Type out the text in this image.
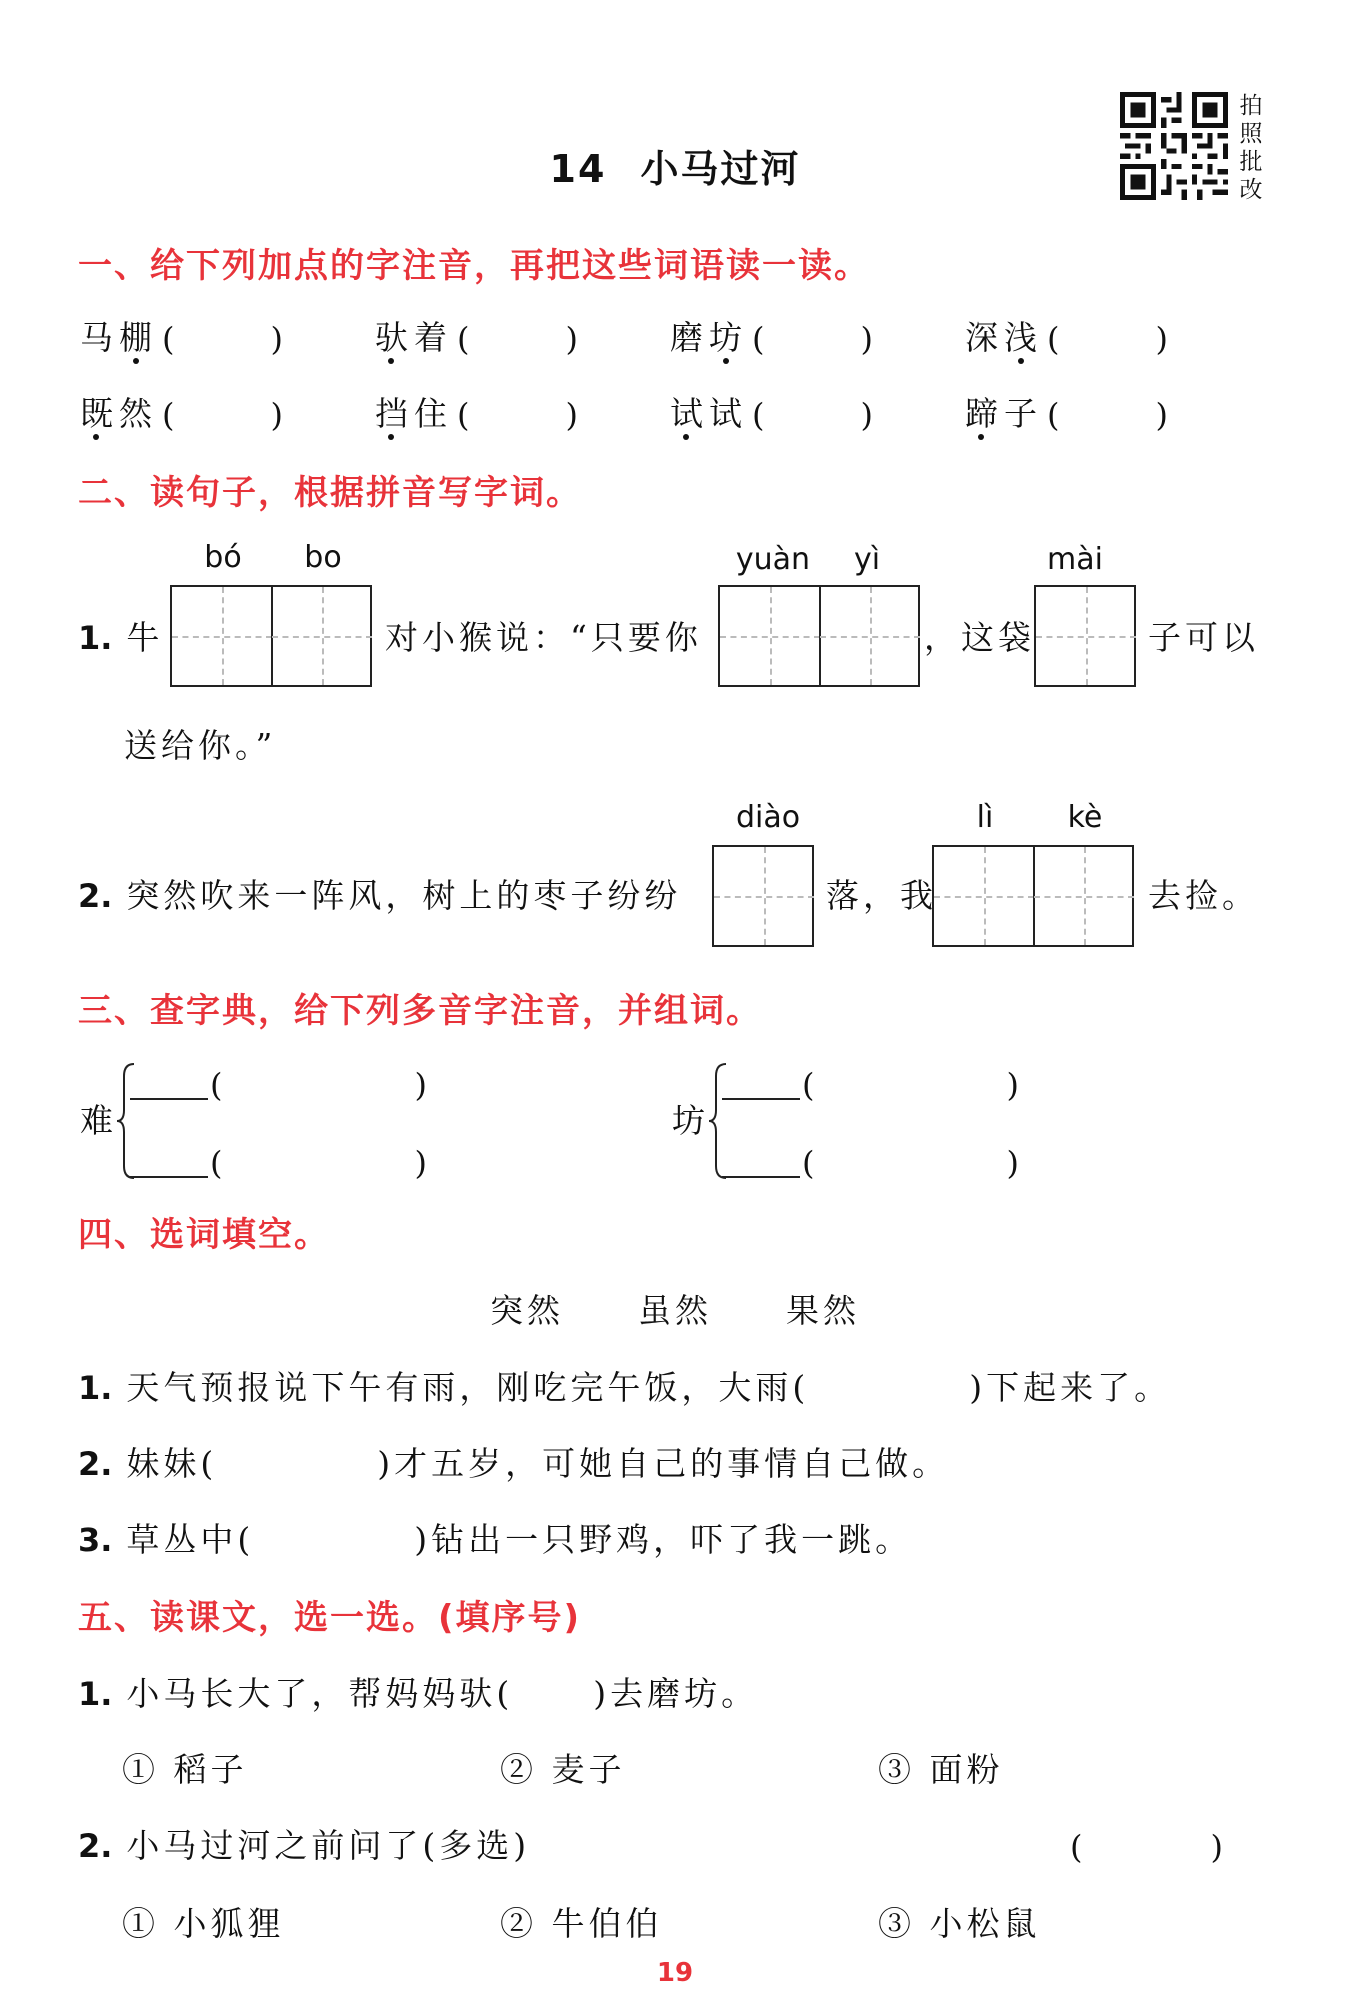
14 小马过河
拍
照
批
改
一、给下列加点的字注音，再把这些词语读一读。
马棚 (　　　)	驮着 (　　　)	磨坊 (　　　)	深浅 (　　　)
既然 (　　　)	挡住 (　　　)	试试 (　　　)	蹄子 (　　　)
二、读句子，根据拼音写字词。
bó	bo	yuàn	yì	mài
1. 牛	对小猴说：“只要你	，这袋	子可以
送给你。”
diào	lì	kè
2. 突然吹来一阵风，树上的枣子纷纷	落，我	去捡。
三、查字典，给下列多音字注音，并组词。
难
(　　　　　　)
(　　　　　　)
坊
(　　　　　　)
(　　　　　　)
四、选词填空。
突然　　虽然　　果然
1. 天气预报说下午有雨，刚吃完午饭，大雨(	)下起来了。
2. 妹妹(	)才五岁，可她自己的事情自己做。
3. 草丛中(	)钻出一只野鸡，吓了我一跳。
五、读课文，选一选。(填序号)
1. 小马长大了，帮妈妈驮( )去磨坊。
① 稻子	② 麦子	③ 面粉
2. 小马过河之前问了(多选)	(　　　　)
① 小狐狸	② 牛伯伯	③ 小松鼠
19
